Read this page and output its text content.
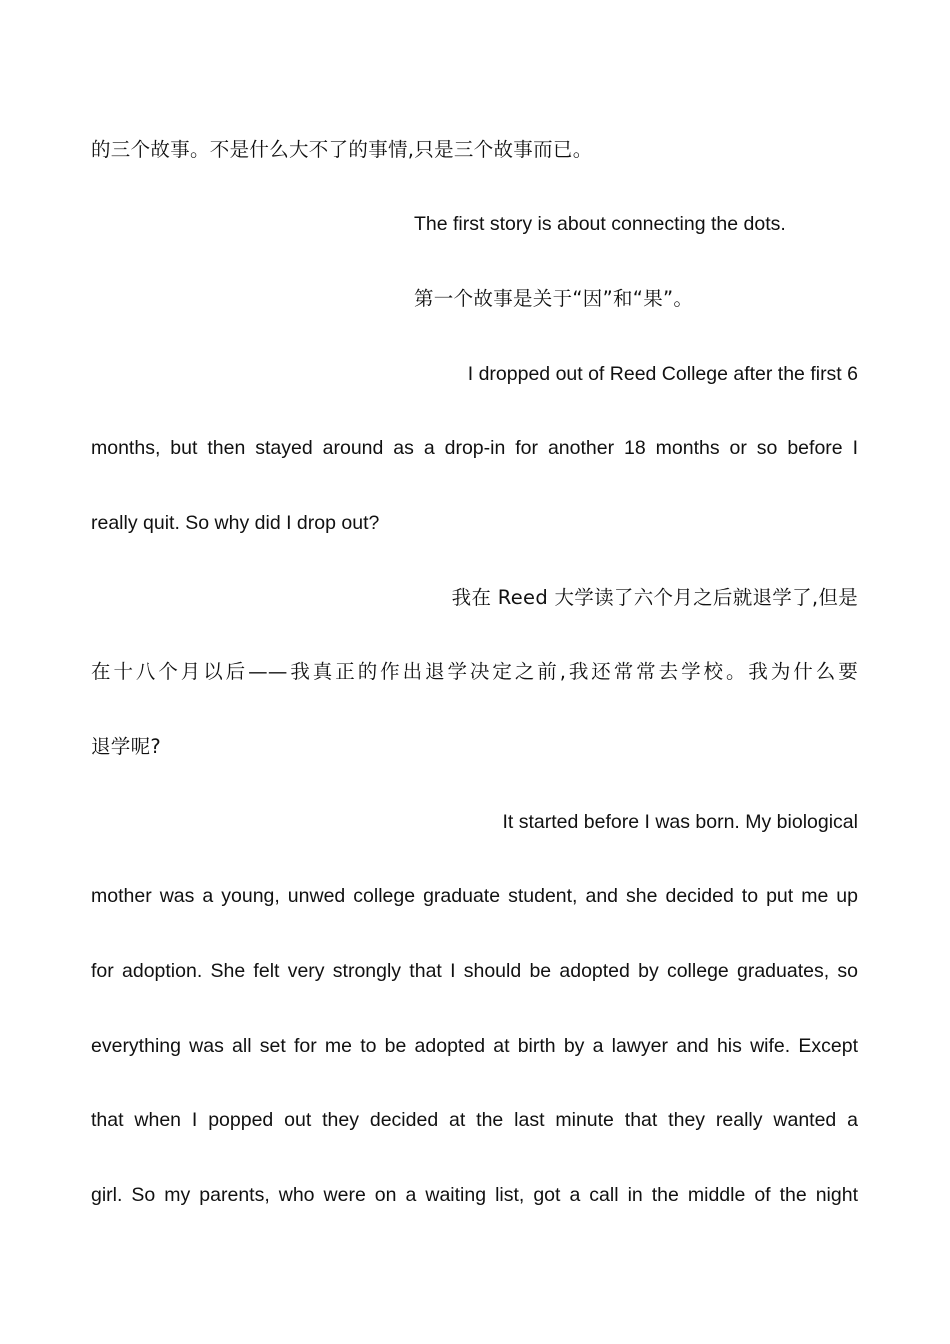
的三个故事。不是什么大不了的事情,只是三个故事而已。
The first story is about connecting the dots.
第一个故事是关于“因”和“果”。
I dropped out of Reed College after the first 6
months, but then stayed around as a drop-in for another 18 months or so before I
really quit. So why did I drop out?
我在 Reed 大学读了六个月之后就退学了,但是
在十八个月以后——我真正的作出退学决定之前,我还常常去学校。我为什么要
退学呢?
It started before I was born. My biological
mother was a young, unwed college graduate student, and she decided to put me up
for adoption. She felt very strongly that I should be adopted by college graduates, so
everything was all set for me to be adopted at birth by a lawyer and his wife. Except
that when I popped out they decided at the last minute that they really wanted a
girl. So my parents, who were on a waiting list, got a call in the middle of the night
